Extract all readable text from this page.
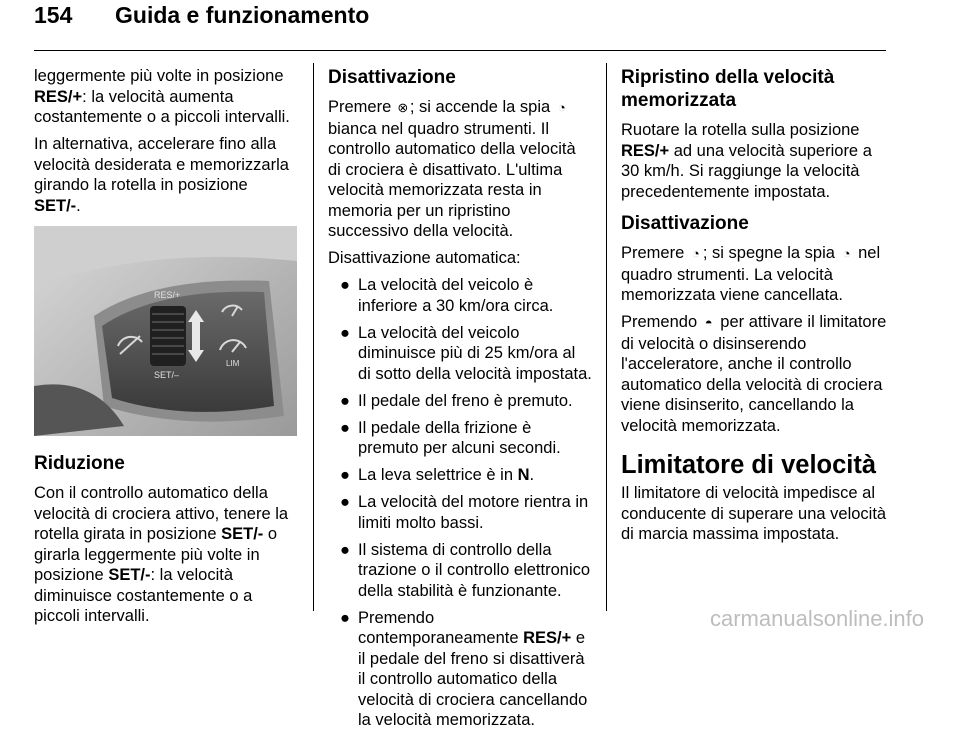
154 Guida e funzionamento

leggermente più volte in posizione
RES/+: la velocità aumenta costantemente o a piccoli intervalli.

In alternativa, accelerare fino alla velocità desiderata e memorizzarla girando la rotella in posizione SET/-.

RES/+
SET/–
LIM
Riduzione

Con il controllo automatico della velocità di crociera attivo, tenere la rotella girata in posizione SET/- o girarla leggermente più volte in posizione SET/-: la velocità diminuisce costantemente o a piccoli intervalli.

Disattivazione

Premere ⊗; si accende la spia ◔ bianca nel quadro strumenti. Il controllo automatico della velocità di crociera è disattivato. L'ultima velocità memorizzata resta in memoria per un ripristino successivo della velocità.

Disattivazione automatica:

● La velocità del veicolo è inferiore a 30 km/ora circa.
● La velocità del veicolo diminuisce più di 25 km/ora al di sotto della velocità impostata.
● Il pedale del freno è premuto.
● Il pedale della frizione è premuto per alcuni secondi.
● La leva selettrice è in N.
● La velocità del motore rientra in limiti molto bassi.
● Il sistema di controllo della trazione o il controllo elettronico della stabilità è funzionante.
● Premendo contemporaneamente RES/+ e il pedale del freno si disattiverà il controllo automatico della velocità di crociera cancellando la velocità memorizzata.
Ripristino della velocità memorizzata

Ruotare la rotella sulla posizione RES/+ ad una velocità superiore a 30 km/h. Si raggiunge la velocità precedentemente impostata.

Disattivazione

Premere ◔ ; si spegne la spia ◔ nel quadro strumenti. La velocità memorizzata viene cancellata.

Premendo ◓ per attivare il limitatore di velocità o disinserendo l'acceleratore, anche il controllo automatico della velocità di crociera viene disinserito, cancellando la velocità memorizzata.

Limitatore di velocità

Il limitatore di velocità impedisce al conducente di superare una velocità di marcia massima impostata.

carmanualsonline.info
